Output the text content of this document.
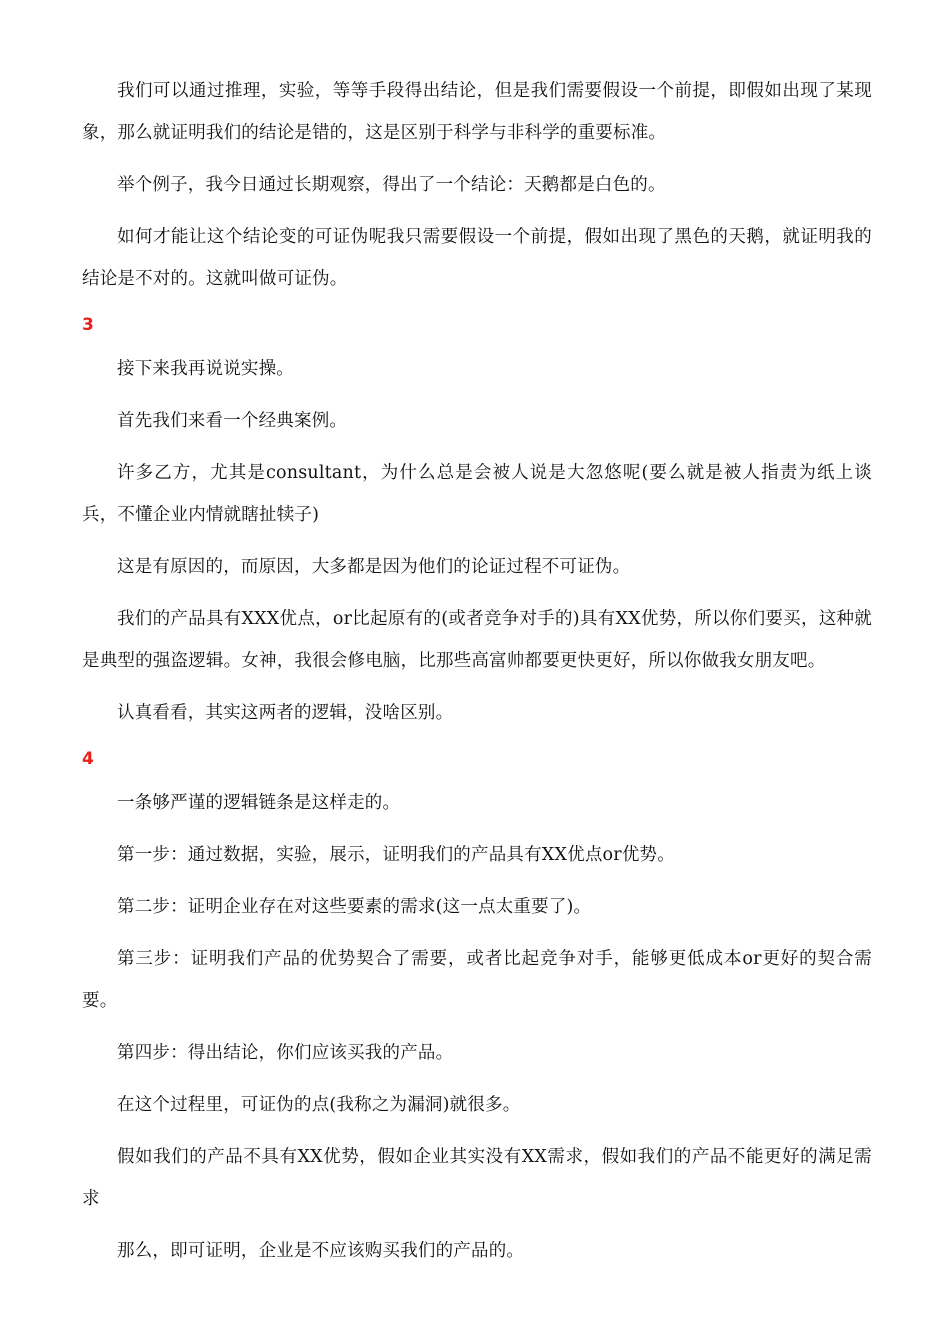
我们可以通过推理，实验，等等手段得出结论，但是我们需要假设一个前提，即假如出现了某现象，那么就证明我们的结论是错的，这是区别于科学与非科学的重要标准。

举个例子，我今日通过长期观察，得出了一个结论：天鹅都是白色的。

如何才能让这个结论变的可证伪呢我只需要假设一个前提，假如出现了黑色的天鹅，就证明我的结论是不对的。这就叫做可证伪。

3

接下来我再说说实操。

首先我们来看一个经典案例。

许多乙方，尤其是consultant，为什么总是会被人说是大忽悠呢(要么就是被人指责为纸上谈兵，不懂企业内情就瞎扯犊子)

这是有原因的，而原因，大多都是因为他们的论证过程不可证伪。

我们的产品具有XXX优点，or比起原有的(或者竞争对手的)具有XX优势，所以你们要买，这种就是典型的强盗逻辑。女神，我很会修电脑，比那些高富帅都要更快更好，所以你做我女朋友吧。

认真看看，其实这两者的逻辑，没啥区别。

4

一条够严谨的逻辑链条是这样走的。

第一步：通过数据，实验，展示，证明我们的产品具有XX优点or优势。

第二步：证明企业存在对这些要素的需求(这一点太重要了)。

第三步：证明我们产品的优势契合了需要，或者比起竞争对手，能够更低成本or更好的契合需要。

第四步：得出结论，你们应该买我的产品。

在这个过程里，可证伪的点(我称之为漏洞)就很多。

假如我们的产品不具有XX优势，假如企业其实没有XX需求，假如我们的产品不能更好的满足需求

那么，即可证明，企业是不应该购买我们的产品的。
